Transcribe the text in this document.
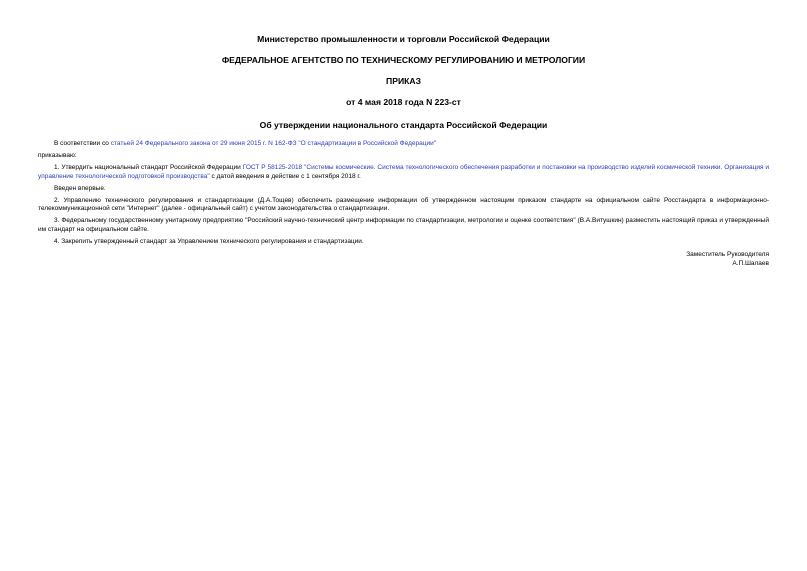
Министерство промышленности и торговли Российской Федерации
ФЕДЕРАЛЬНОЕ АГЕНТСТВО ПО ТЕХНИЧЕСКОМУ РЕГУЛИРОВАНИЮ И МЕТРОЛОГИИ
ПРИКАЗ
от 4 мая 2018 года N 223-ст
Об утверждении национального стандарта Российской Федерации

В соответствии со статьей 24 Федерального закона от 29 июня 2015 г. N 162-ФЗ "О стандартизации в Российской Федерации"

приказываю:

1. Утвердить национальный стандарт Российской Федерации ГОСТ Р 58125-2018 "Системы космические. Система технологического обеспечения разработки и постановки на производство изделий космической техники. Организация и управление технологической подготовкой производства" с датой введения в действие с 1 сентября 2018 г.

Введен впервые.

2. Управлению технического регулирования и стандартизации (Д.А.Тощев) обеспечить размещение информации об утвержденном настоящим приказом стандарте на официальном сайте Росстандарта в информационно-телекоммуникационной сети "Интернет" (далее - официальный сайт) с учетом законодательства о стандартизации.

3. Федеральному государственному унитарному предприятию "Российский научно-технический центр информации по стандартизации, метрологии и оценке соответствия" (В.А.Витушкин) разместить настоящий приказ и утвержденный им стандарт на официальном сайте.

4. Закрепить утвержденный стандарт за Управлением технического регулирования и стандартизации.

Заместитель Руководителя
А.П.Шалаев
